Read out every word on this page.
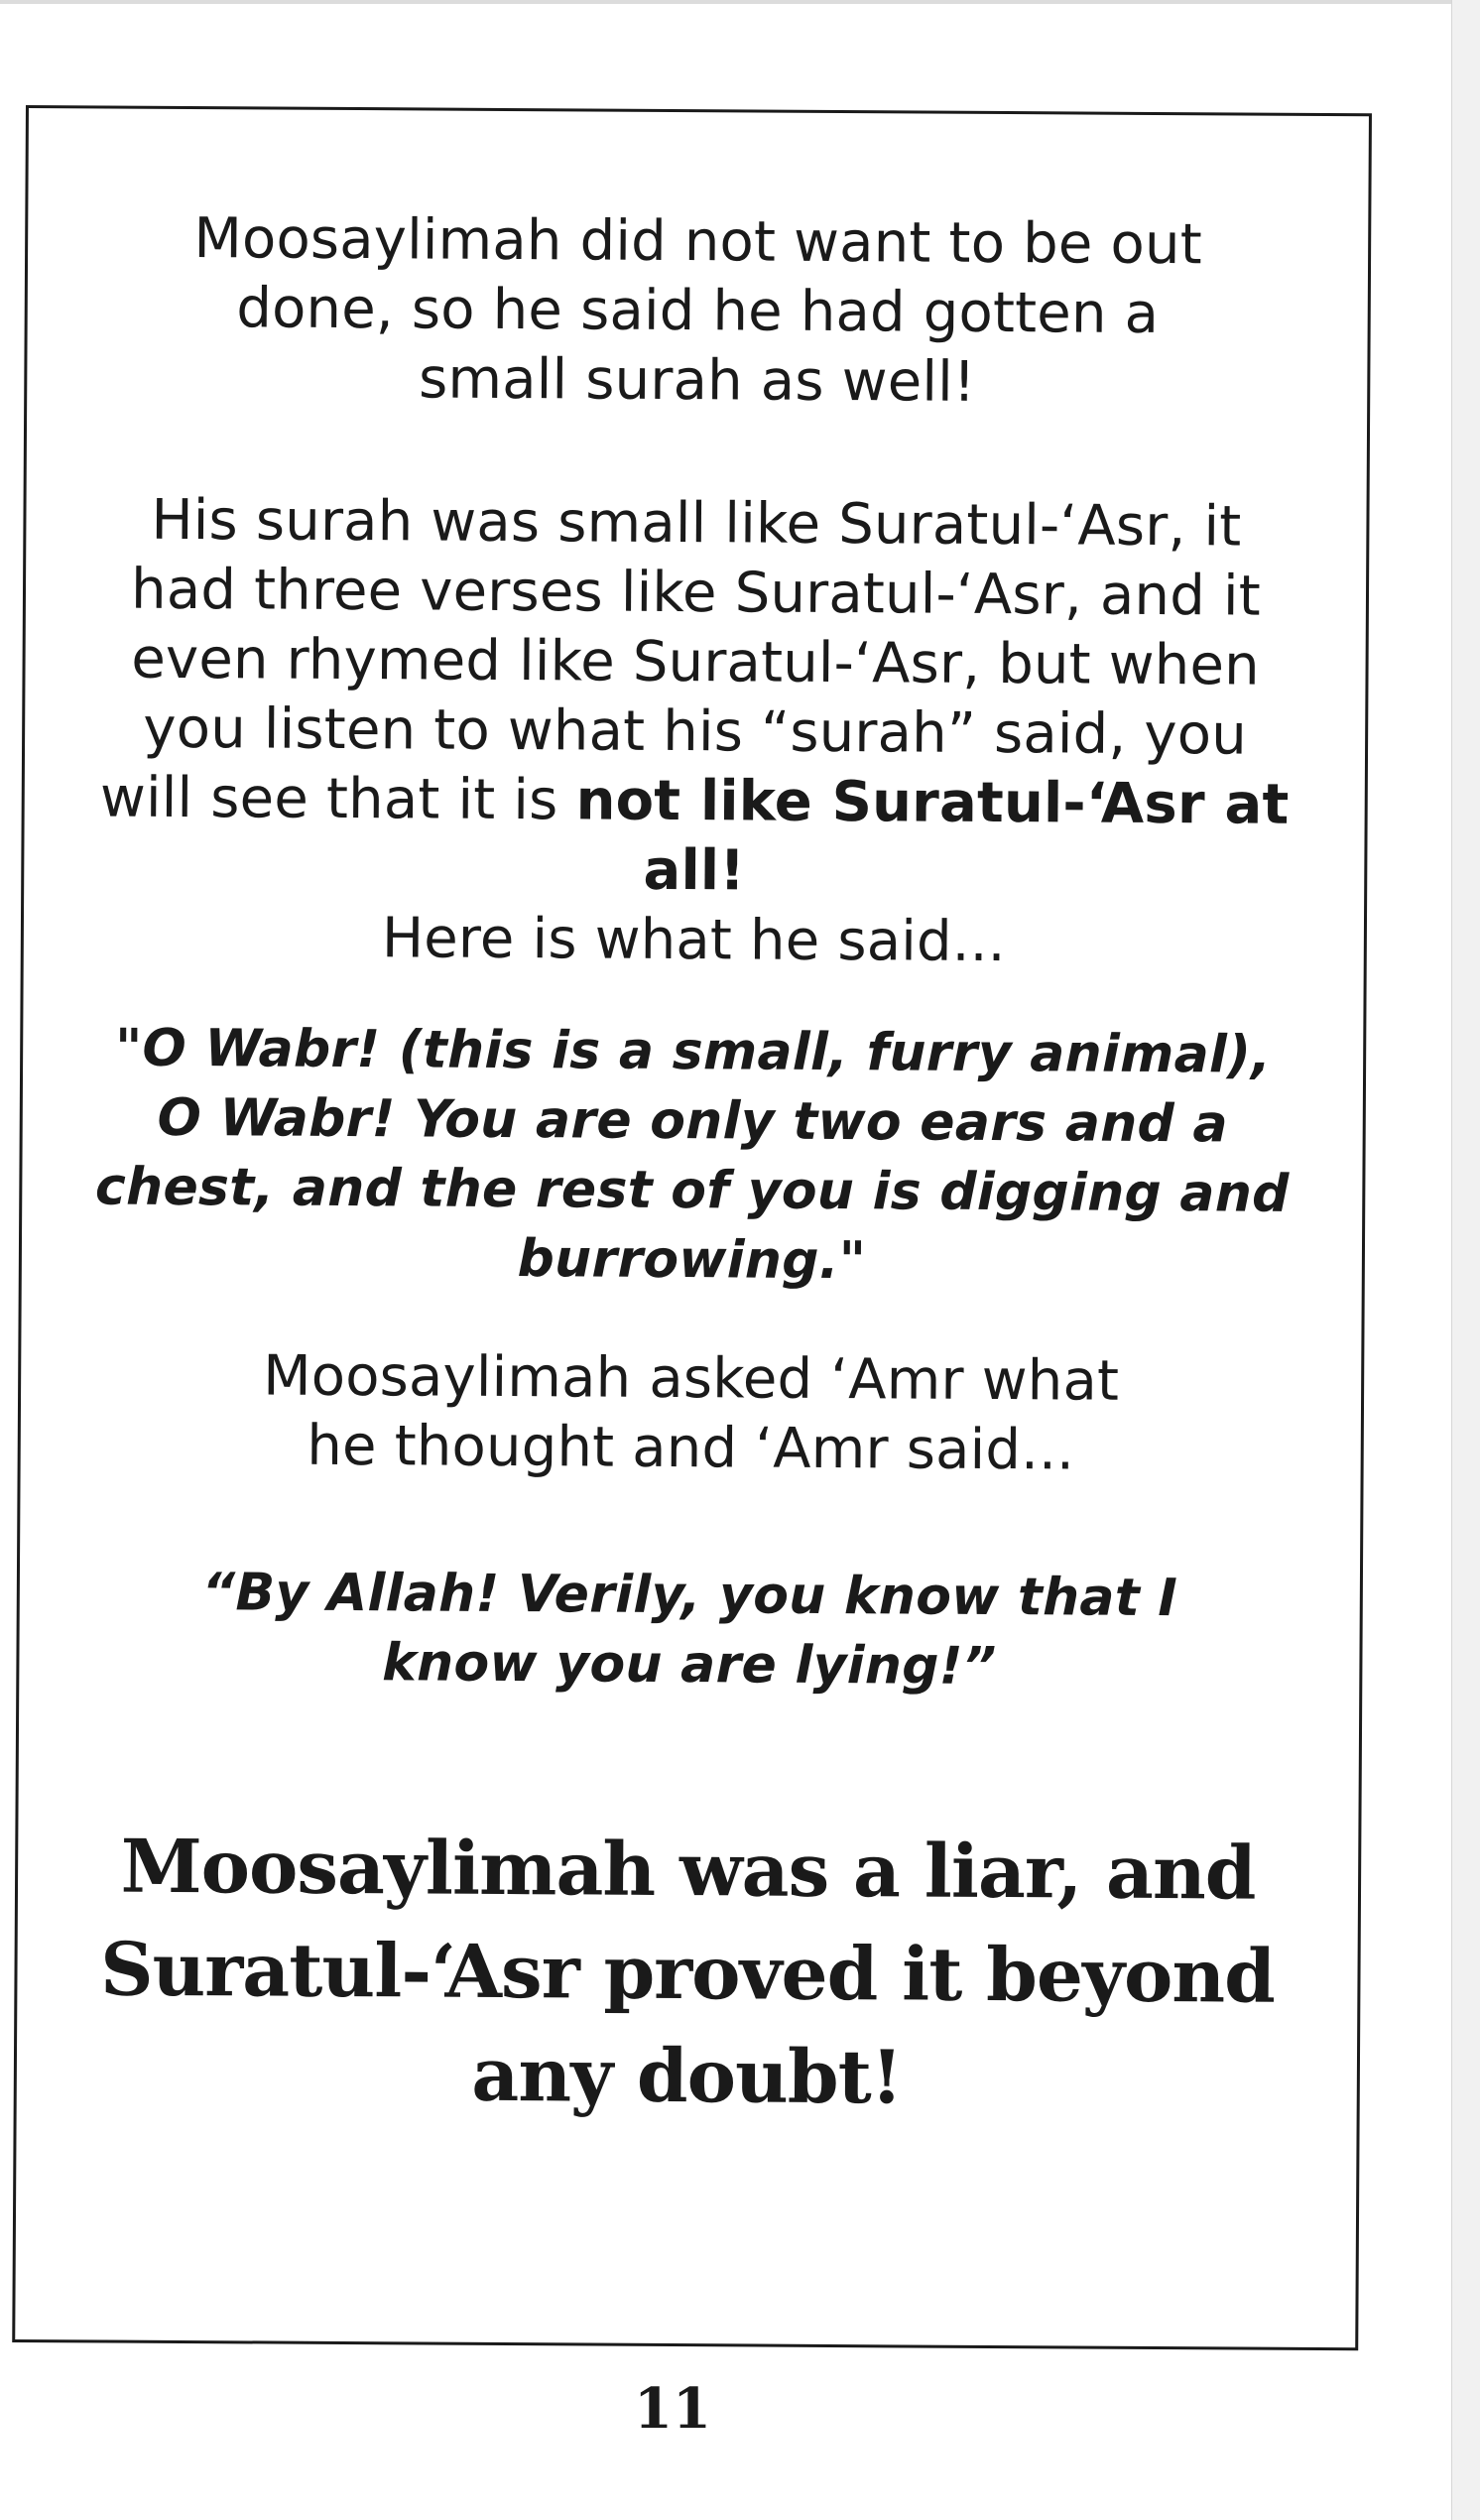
Moosaylimah did not want to be out done, so he said he had gotten a small surah as well!

His surah was small like Suratul-‘Asr, it had three verses like Suratul-‘Asr, and it even rhymed like Suratul-‘Asr, but when you listen to what his “surah” said, you will see that it is not like Suratul-‘Asr at all!
Here is what he said...

"O Wabr! (this is a small, furry animal), O Wabr! You are only two ears and a chest, and the rest of you is digging and burrowing."

Moosaylimah asked ‘Amr what he thought and ‘Amr said...

“By Allah! Verily, you know that I know you are lying!”

Moosaylimah was a liar, and Suratul-‘Asr proved it beyond any doubt!

11
